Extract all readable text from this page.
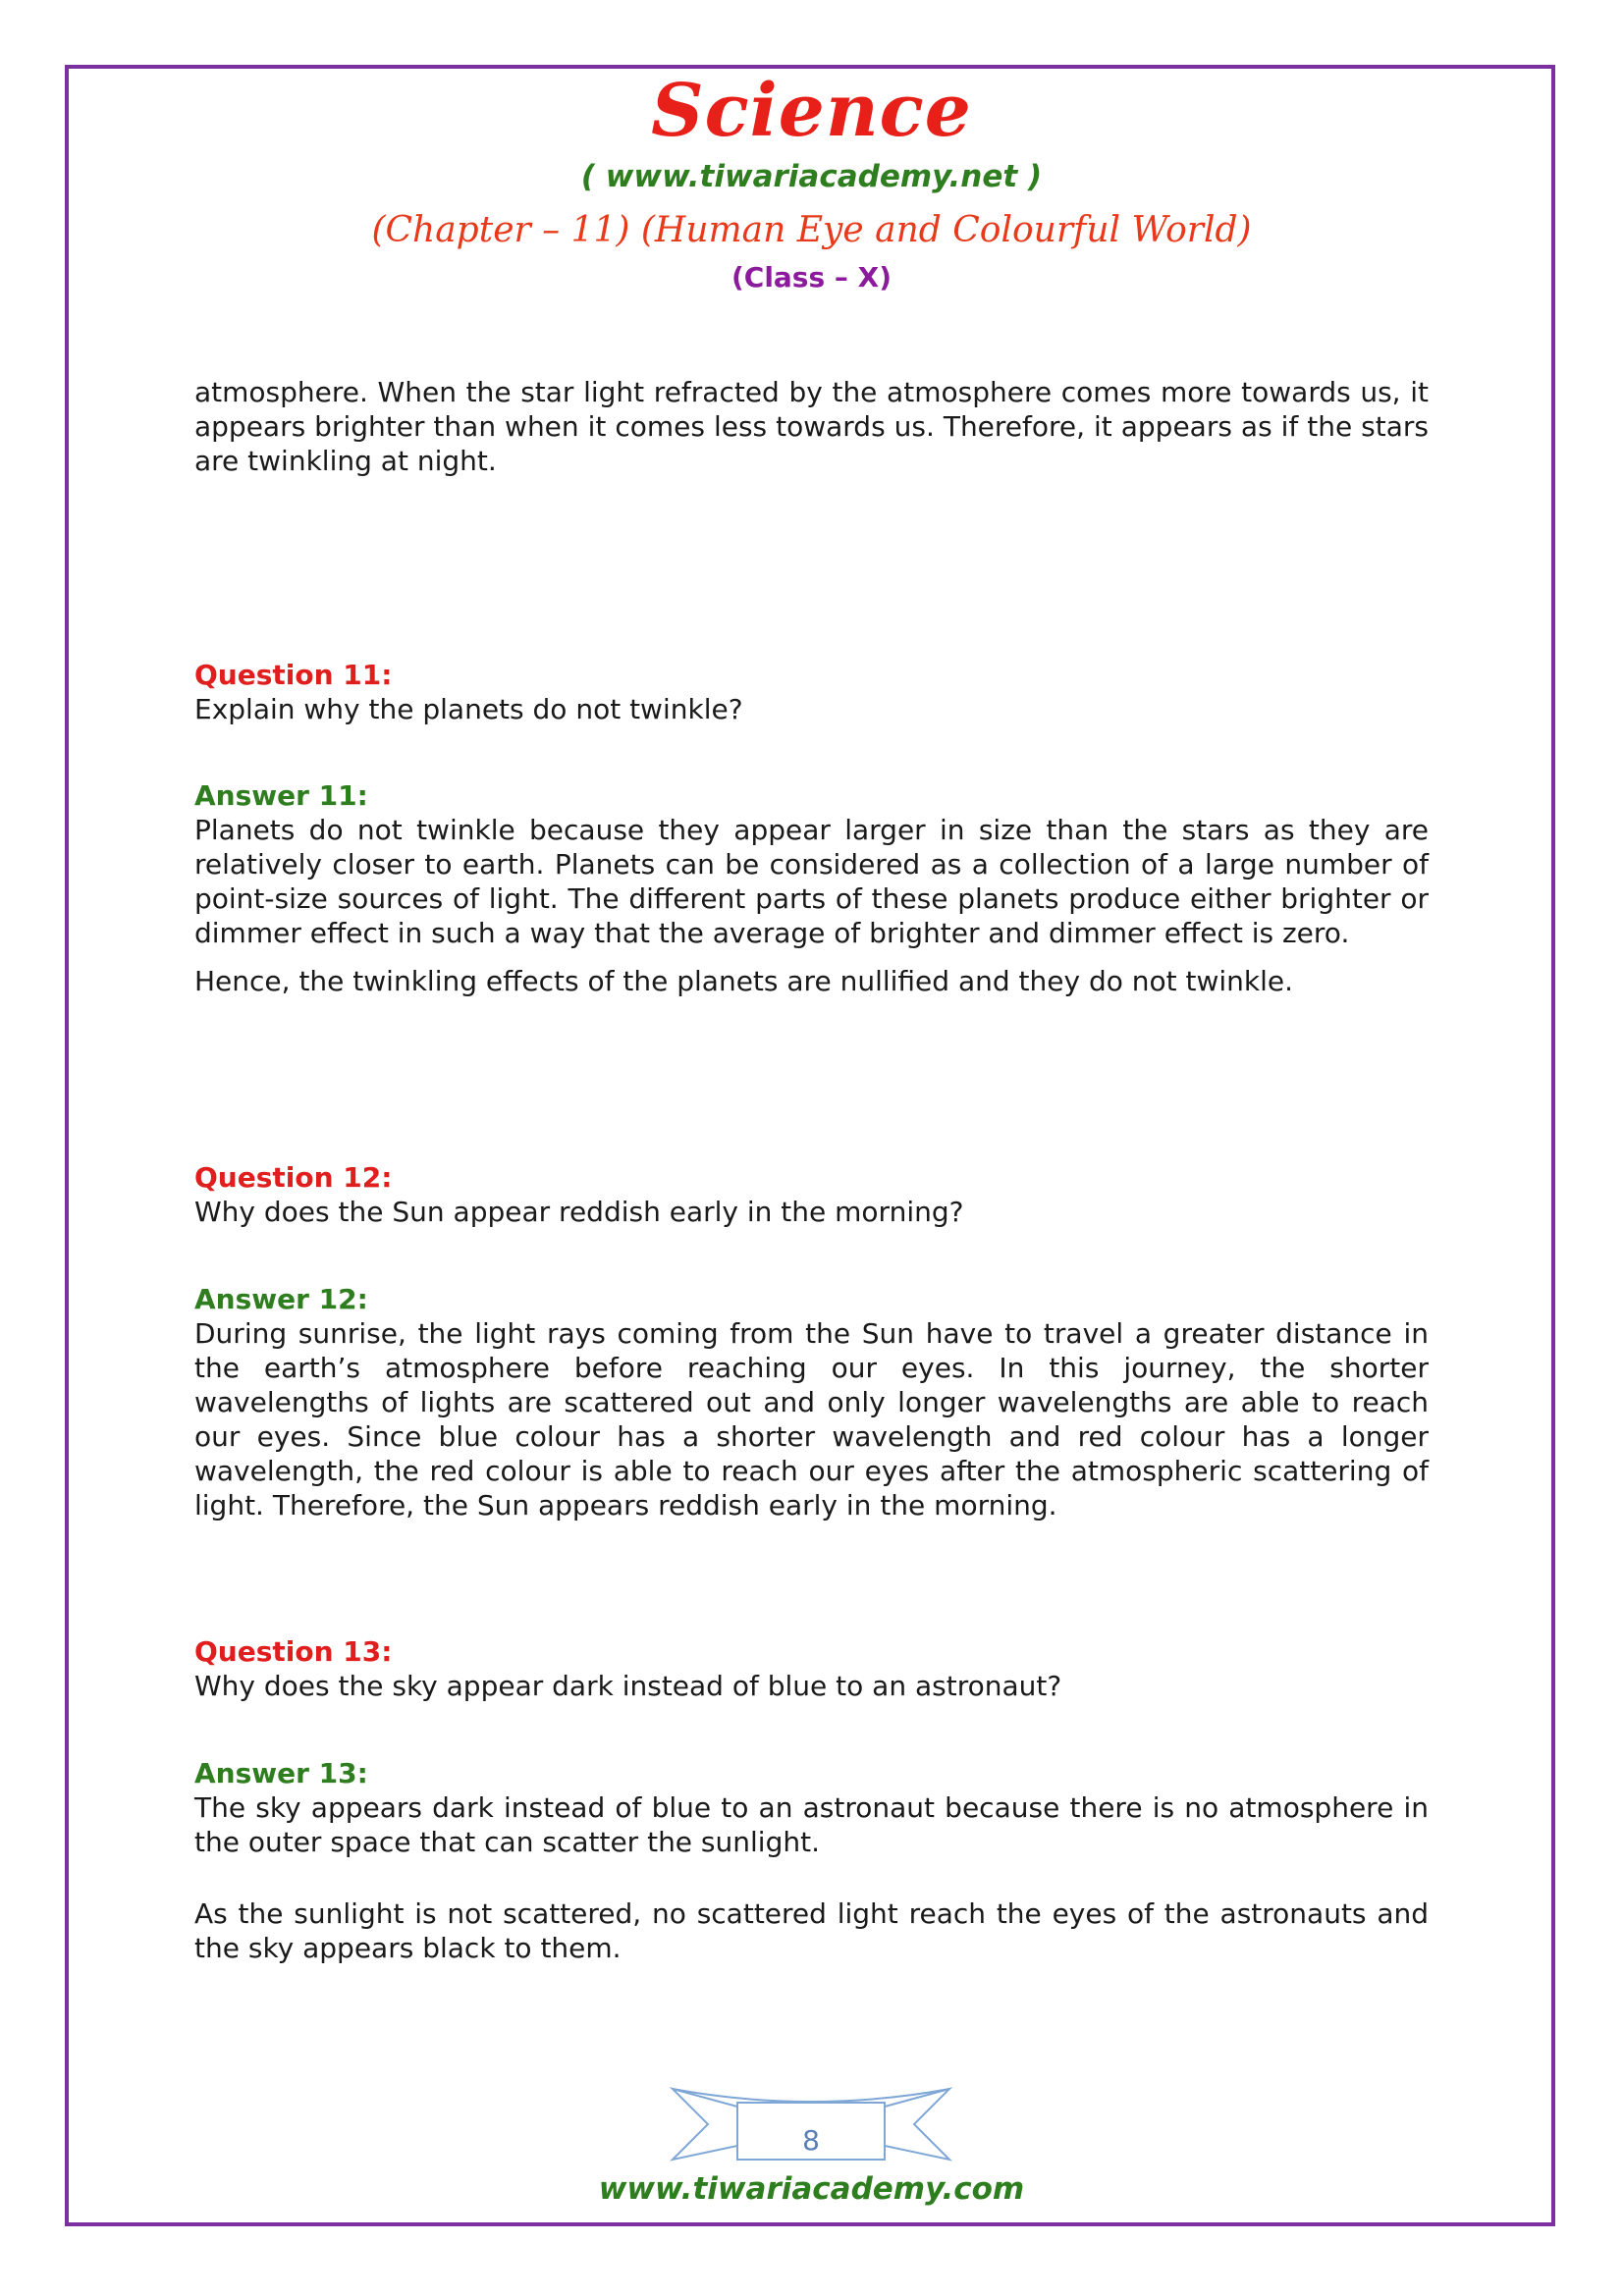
Science
( www.tiwariacademy.net )
(Chapter – 11) (Human Eye and Colourful World)
(Class – X)

atmosphere. When the star light refracted by the atmosphere comes more towards us, it appears brighter than when it comes less towards us. Therefore, it appears as if the stars are twinkling at night.

Question 11:

Explain why the planets do not twinkle?

Answer 11:

Planets do not twinkle because they appear larger in size than the stars as they are relatively closer to earth. Planets can be considered as a collection of a large number of point-size sources of light. The different parts of these planets produce either brighter or dimmer effect in such a way that the average of brighter and dimmer effect is zero.

Hence, the twinkling effects of the planets are nullified and they do not twinkle.

Question 12:

Why does the Sun appear reddish early in the morning?

Answer 12:

During sunrise, the light rays coming from the Sun have to travel a greater distance in the earth’s atmosphere before reaching our eyes. In this journey, the shorter wavelengths of lights are scattered out and only longer wavelengths are able to reach our eyes. Since blue colour has a shorter wavelength and red colour has a longer wavelength, the red colour is able to reach our eyes after the atmospheric scattering of light. Therefore, the Sun appears reddish early in the morning.

Question 13:

Why does the sky appear dark instead of blue to an astronaut?

Answer 13:

The sky appears dark instead of blue to an astronaut because there is no atmosphere in the outer space that can scatter the sunlight.

As the sunlight is not scattered, no scattered light reach the eyes of the astronauts and the sky appears black to them.

8
www.tiwariacademy.com
